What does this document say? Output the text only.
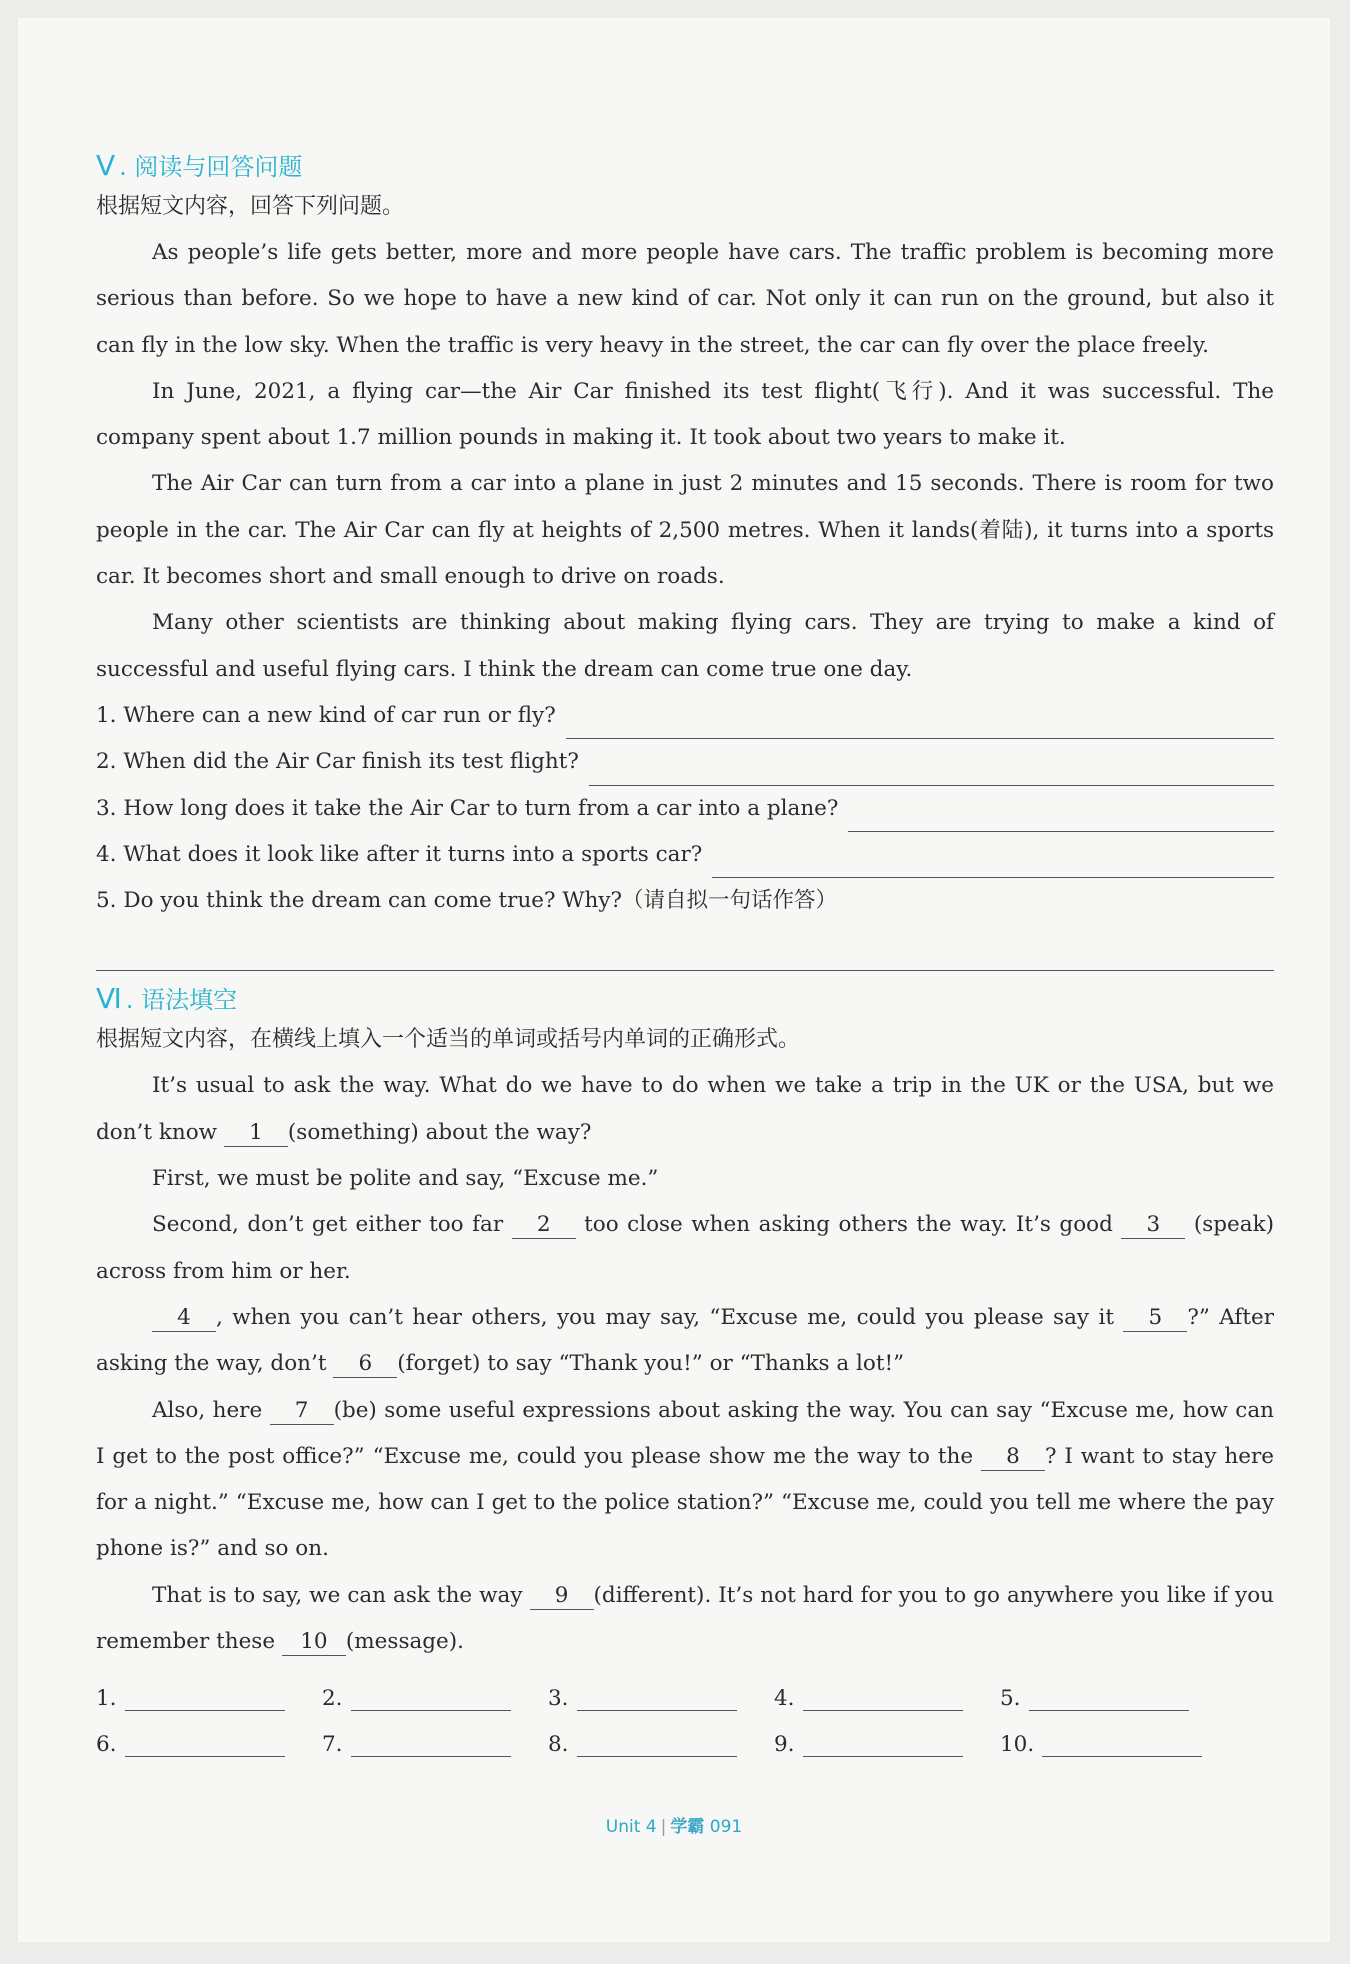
Ⅴ . 阅读与回答问题
根据短文内容，回答下列问题。

As people’s life gets better, more and more people have cars. The traffic problem is becoming more serious than before. So we hope to have a new kind of car. Not only it can run on the ground, but also it can fly in the low sky. When the traffic is very heavy in the street, the car can fly over the place freely.

In June, 2021, a flying car—the Air Car finished its test flight(飞行). And it was successful. The company spent about 1.7 million pounds in making it. It took about two years to make it.

The Air Car can turn from a car into a plane in just 2 minutes and 15 seconds. There is room for two people in the car. The Air Car can fly at heights of 2,500 metres. When it lands(着陆), it turns into a sports car. It becomes short and small enough to drive on roads.

Many other scientists are thinking about making flying cars. They are trying to make a kind of successful and useful flying cars. I think the dream can come true one day.

1. Where can a new kind of car run or fly?
2. When did the Air Car finish its test flight?
3. How long does it take the Air Car to turn from a car into a plane?
4. What does it look like after it turns into a sports car?
5. Do you think the dream can come true? Why?（请自拟一句话作答）
Ⅵ . 语法填空
根据短文内容，在横线上填入一个适当的单词或括号内单词的正确形式。

It’s usual to ask the way. What do we have to do when we take a trip in the UK or the USA, but we don’t know 1 (something) about the way?

First, we must be polite and say, “Excuse me.”

Second, don’t get either too far 2 too close when asking others the way. It’s good 3 (speak) across from him or her.

4 , when you can’t hear others, you may say, “Excuse me, could you please say it 5 ?” After asking the way, don’t 6 (forget) to say “Thank you!” or “Thanks a lot!”

Also, here 7 (be) some useful expressions about asking the way. You can say “Excuse me, how can I get to the post office?” “Excuse me, could you please show me the way to the 8 ? I want to stay here for a night.” “Excuse me, how can I get to the police station?” “Excuse me, could you tell me where the pay phone is?” and so on.

That is to say, we can ask the way 9 (different). It’s not hard for you to go anywhere you like if you remember these 10 (message).

1.	2.	3.	4.	5.
6.	7.	8.	9.	10.
Unit 4 | 学霸 091
